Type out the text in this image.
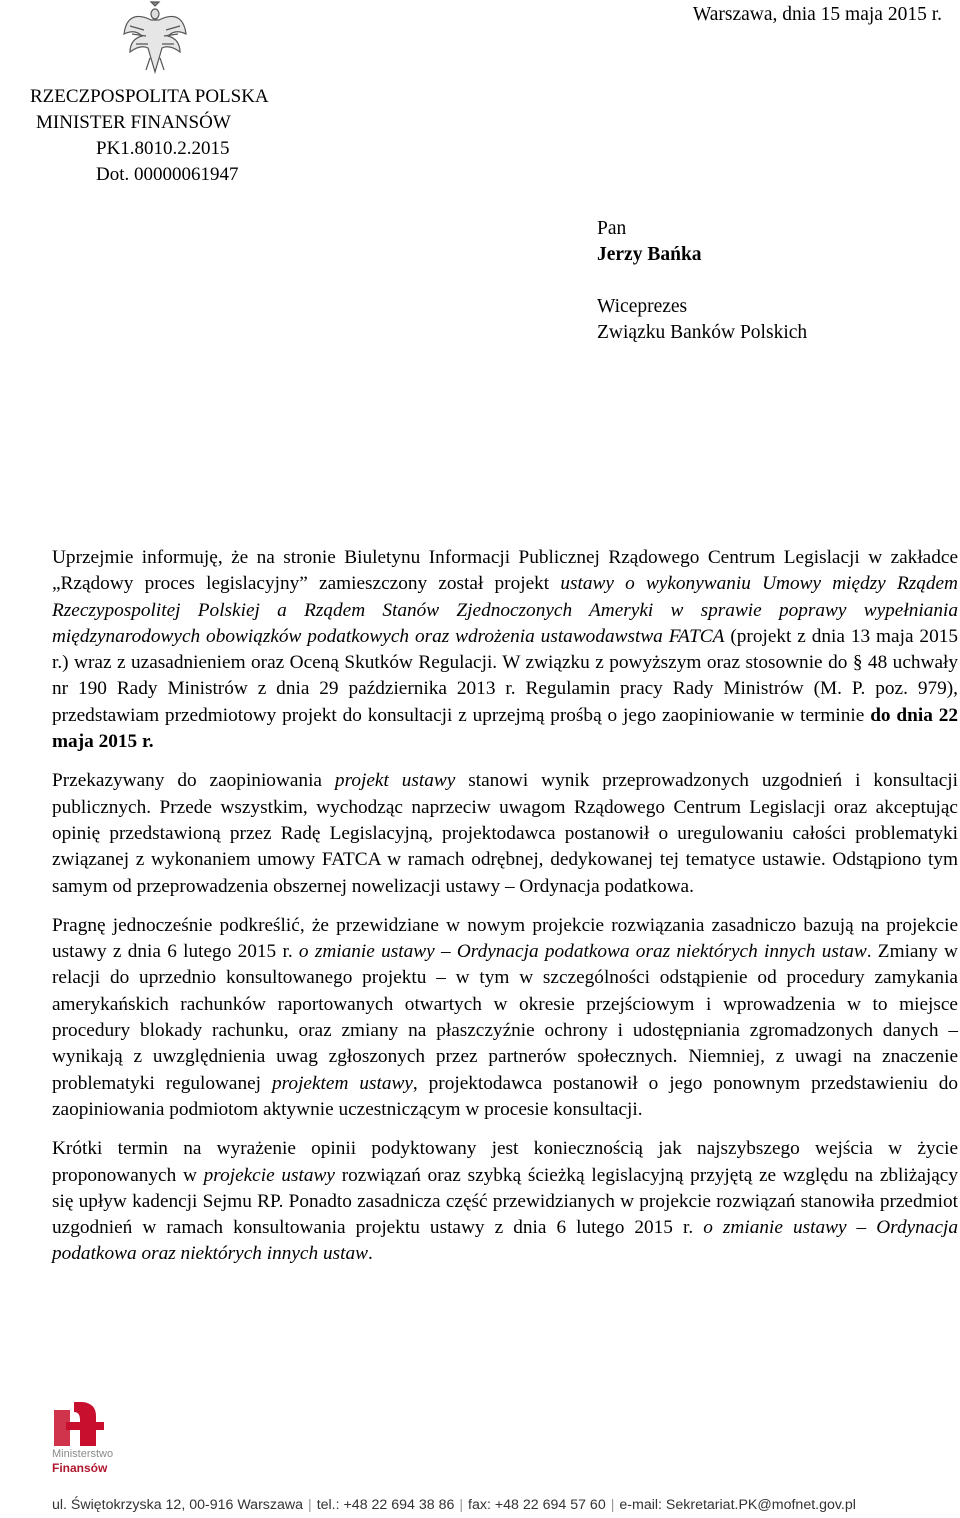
Warszawa, dnia 15 maja 2015 r.
RZECZPOSPOLITA POLSKA
MINISTER FINANSÓW
PK1.8010.2.2015
Dot. 00000061947
Pan
Jerzy Bańka
Wiceprezes
Związku Banków Polskich

Uprzejmie informuję, że na stronie Biuletynu Informacji Publicznej Rządowego Centrum Legislacji w zakładce „Rządowy proces legislacyjny” zamieszczony został projekt ustawy o wykonywaniu Umowy między Rządem Rzeczypospolitej Polskiej a Rządem Stanów Zjednoczonych Ameryki w sprawie poprawy wypełniania międzynarodowych obowiązków podatkowych oraz wdrożenia ustawodawstwa FATCA (projekt z dnia 13 maja 2015 r.) wraz z uzasadnieniem oraz Oceną Skutków Regulacji. W związku z powyższym oraz stosownie do § 48 uchwały nr 190 Rady Ministrów z dnia 29 października 2013 r. Regulamin pracy Rady Ministrów (M. P. poz. 979), przedstawiam przedmiotowy projekt do konsultacji z uprzejmą prośbą o jego zaopiniowanie w terminie do dnia 22 maja 2015 r.

Przekazywany do zaopiniowania projekt ustawy stanowi wynik przeprowadzonych uzgodnień i konsultacji publicznych. Przede wszystkim, wychodząc naprzeciw uwagom Rządowego Centrum Legislacji oraz akceptując opinię przedstawioną przez Radę Legislacyjną, projektodawca postanowił o uregulowaniu całości problematyki związanej z wykonaniem umowy FATCA w ramach odrębnej, dedykowanej tej tematyce ustawie. Odstąpiono tym samym od przeprowadzenia obszernej nowelizacji ustawy – Ordynacja podatkowa.

Pragnę jednocześnie podkreślić, że przewidziane w nowym projekcie rozwiązania zasadniczo bazują na projekcie ustawy z dnia 6 lutego 2015 r. o zmianie ustawy – Ordynacja podatkowa oraz niektórych innych ustaw. Zmiany w relacji do uprzednio konsultowanego projektu – w tym w szczególności odstąpienie od procedury zamykania amerykańskich rachunków raportowanych otwartych w okresie przejściowym i wprowadzenia w to miejsce procedury blokady rachunku, oraz zmiany na płaszczyźnie ochrony i udostępniania zgromadzonych danych – wynikają z uwzględnienia uwag zgłoszonych przez partnerów społecznych. Niemniej, z uwagi na znaczenie problematyki regulowanej projektem ustawy, projektodawca postanowił o jego ponownym przedstawieniu do zaopiniowania podmiotom aktywnie uczestniczącym w procesie konsultacji.

Krótki termin na wyrażenie opinii podyktowany jest koniecznością jak najszybszego wejścia w życie proponowanych w projekcie ustawy rozwiązań oraz szybką ścieżką legislacyjną przyjętą ze względu na zbliżający się upływ kadencji Sejmu RP. Ponadto zasadnicza część przewidzianych w projekcie rozwiązań stanowiła przedmiot uzgodnień w ramach konsultowania projektu ustawy z dnia 6 lutego 2015 r. o zmianie ustawy – Ordynacja podatkowa oraz niektórych innych ustaw.

Ministerstwo
Finansów
ul. Świętokrzyska 12, 00-916 Warszawa | tel.: +48 22 694 38 86 | fax: +48 22 694 57 60 | e-mail: Sekretariat.PK@mofnet.gov.pl
